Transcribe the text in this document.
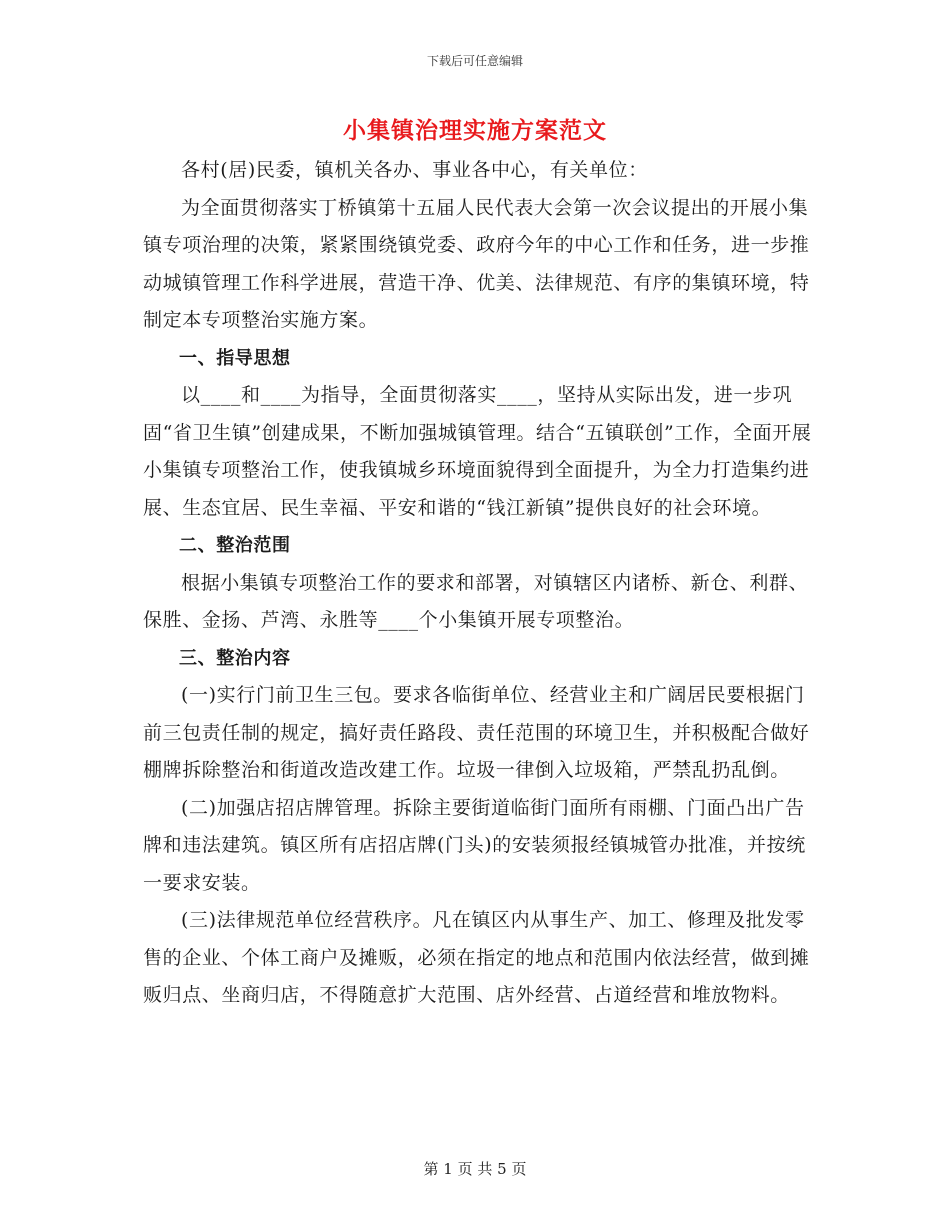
下载后可任意编辑
小集镇治理实施方案范文

各村(居)民委，镇机关各办、事业各中心，有关单位：

为全面贯彻落实丁桥镇第十五届人民代表大会第一次会议提出的开展小集镇专项治理的决策，紧紧围绕镇党委、政府今年的中心工作和任务，进一步推动城镇管理工作科学进展，营造干净、优美、法律规范、有序的集镇环境，特制定本专项整治实施方案。

一、指导思想

以____和____为指导，全面贯彻落实____，坚持从实际出发，进一步巩固“省卫生镇”创建成果，不断加强城镇管理。结合“五镇联创”工作，全面开展小集镇专项整治工作，使我镇城乡环境面貌得到全面提升，为全力打造集约进展、生态宜居、民生幸福、平安和谐的“钱江新镇”提供良好的社会环境。

二、整治范围

根据小集镇专项整治工作的要求和部署，对镇辖区内诸桥、新仓、利群、保胜、金扬、芦湾、永胜等____个小集镇开展专项整治。

三、整治内容

(一)实行门前卫生三包。要求各临街单位、经营业主和广阔居民要根据门前三包责任制的规定，搞好责任路段、责任范围的环境卫生，并积极配合做好棚牌拆除整治和街道改造改建工作。垃圾一律倒入垃圾箱，严禁乱扔乱倒。

(二)加强店招店牌管理。拆除主要街道临街门面所有雨棚、门面凸出广告牌和违法建筑。镇区所有店招店牌(门头)的安装须报经镇城管办批准，并按统一要求安装。

(三)法律规范单位经营秩序。凡在镇区内从事生产、加工、修理及批发零售的企业、个体工商户及摊贩，必须在指定的地点和范围内依法经营，做到摊贩归点、坐商归店，不得随意扩大范围、店外经营、占道经营和堆放物料。

第 1 页 共 5 页
